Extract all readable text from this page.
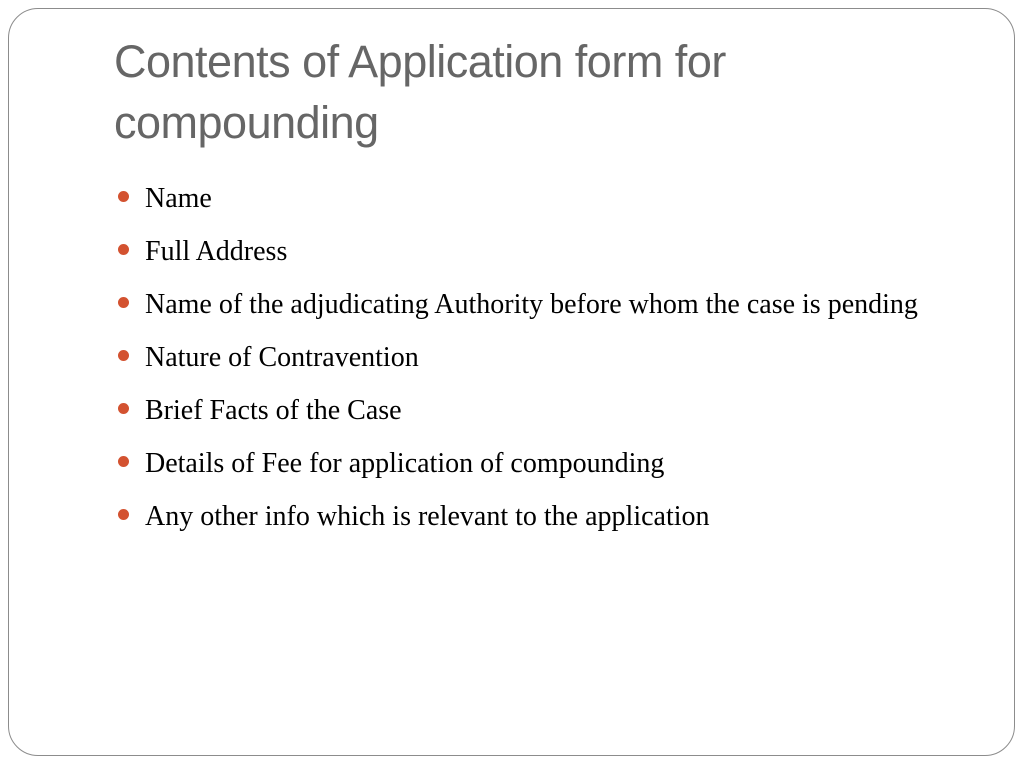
Contents of Application form for compounding
Name
Full Address
Name of the adjudicating Authority before whom the case is pending
Nature of Contravention
Brief Facts of the Case
Details of Fee for application of compounding
Any other info which is relevant to the application
